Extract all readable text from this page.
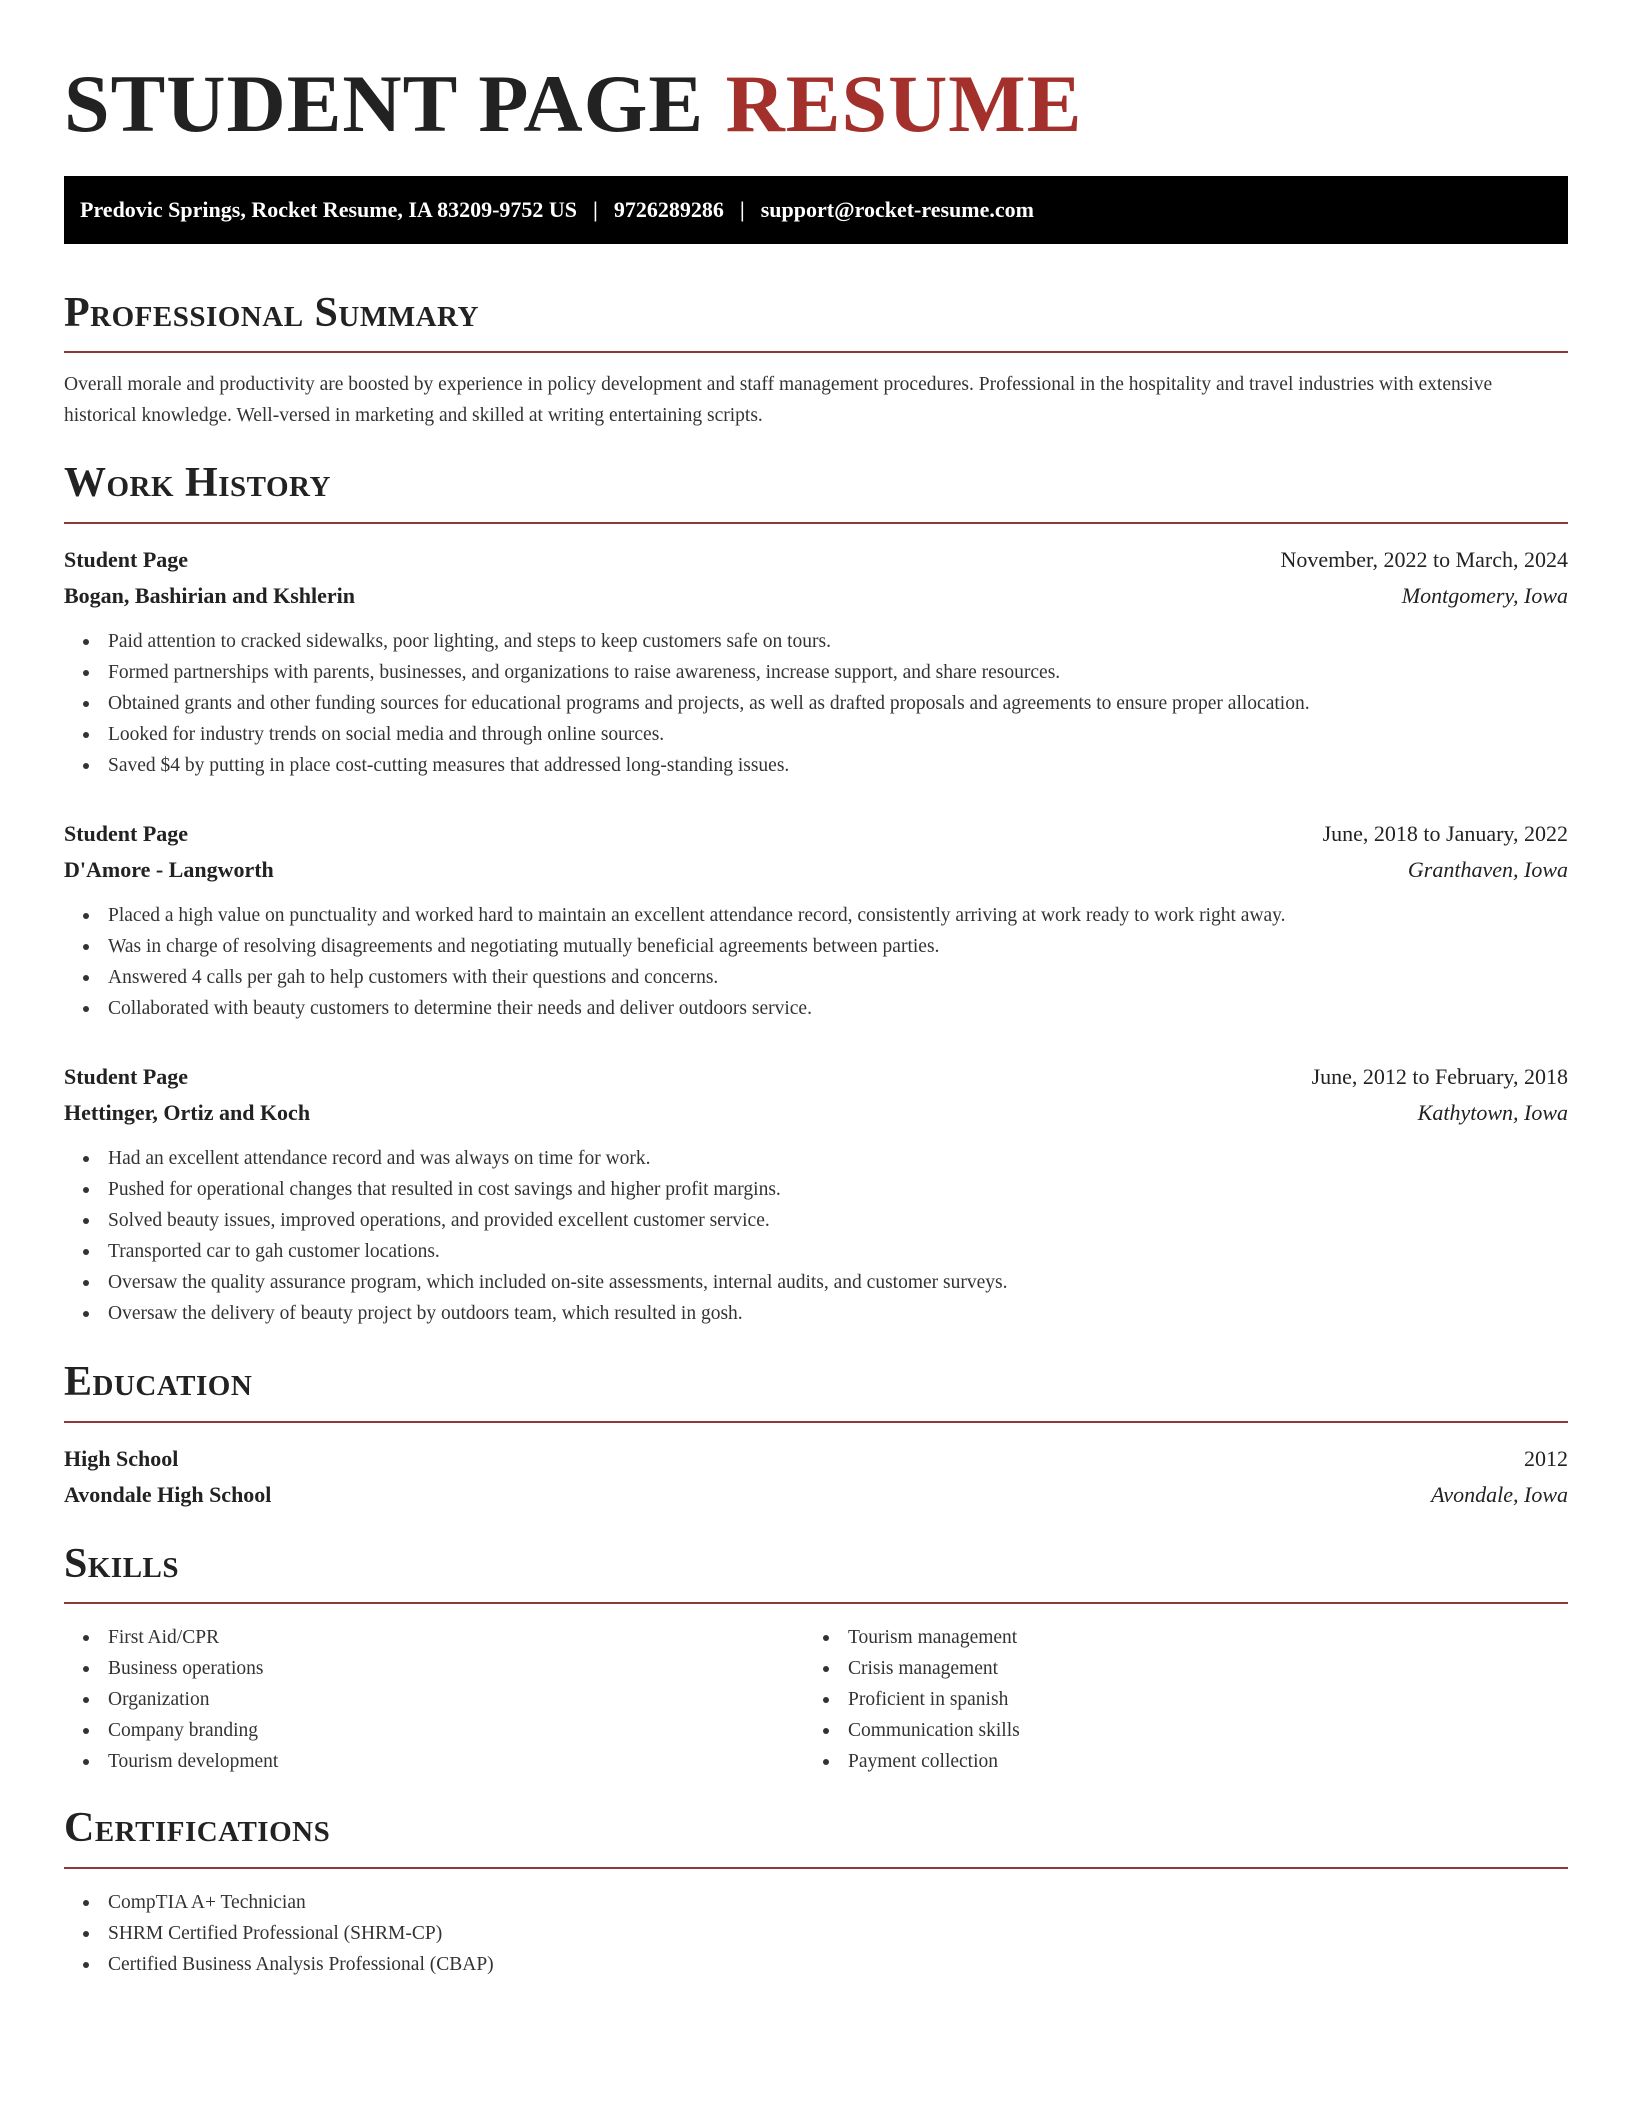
STUDENT PAGE RESUME
Predovic Springs, Rocket Resume, IA 83209-9752 US | 9726289286 | support@rocket-resume.com
Professional Summary
Overall morale and productivity are boosted by experience in policy development and staff management procedures. Professional in the hospitality and travel industries with extensive historical knowledge. Well-versed in marketing and skilled at writing entertaining scripts.
Work History
Student Page	November, 2022 to March, 2024
Bogan, Bashirian and Kshlerin	Montgomery, Iowa
Paid attention to cracked sidewalks, poor lighting, and steps to keep customers safe on tours.
Formed partnerships with parents, businesses, and organizations to raise awareness, increase support, and share resources.
Obtained grants and other funding sources for educational programs and projects, as well as drafted proposals and agreements to ensure proper allocation.
Looked for industry trends on social media and through online sources.
Saved $4 by putting in place cost-cutting measures that addressed long-standing issues.
Student Page	June, 2018 to January, 2022
D'Amore - Langworth	Granthaven, Iowa
Placed a high value on punctuality and worked hard to maintain an excellent attendance record, consistently arriving at work ready to work right away.
Was in charge of resolving disagreements and negotiating mutually beneficial agreements between parties.
Answered 4 calls per gah to help customers with their questions and concerns.
Collaborated with beauty customers to determine their needs and deliver outdoors service.
Student Page	June, 2012 to February, 2018
Hettinger, Ortiz and Koch	Kathytown, Iowa
Had an excellent attendance record and was always on time for work.
Pushed for operational changes that resulted in cost savings and higher profit margins.
Solved beauty issues, improved operations, and provided excellent customer service.
Transported car to gah customer locations.
Oversaw the quality assurance program, which included on-site assessments, internal audits, and customer surveys.
Oversaw the delivery of beauty project by outdoors team, which resulted in gosh.
Education
High School	2012
Avondale High School	Avondale, Iowa
Skills
First Aid/CPR
Business operations
Organization
Company branding
Tourism development
Tourism management
Crisis management
Proficient in spanish
Communication skills
Payment collection
Certifications
CompTIA A+ Technician
SHRM Certified Professional (SHRM-CP)
Certified Business Analysis Professional (CBAP)
